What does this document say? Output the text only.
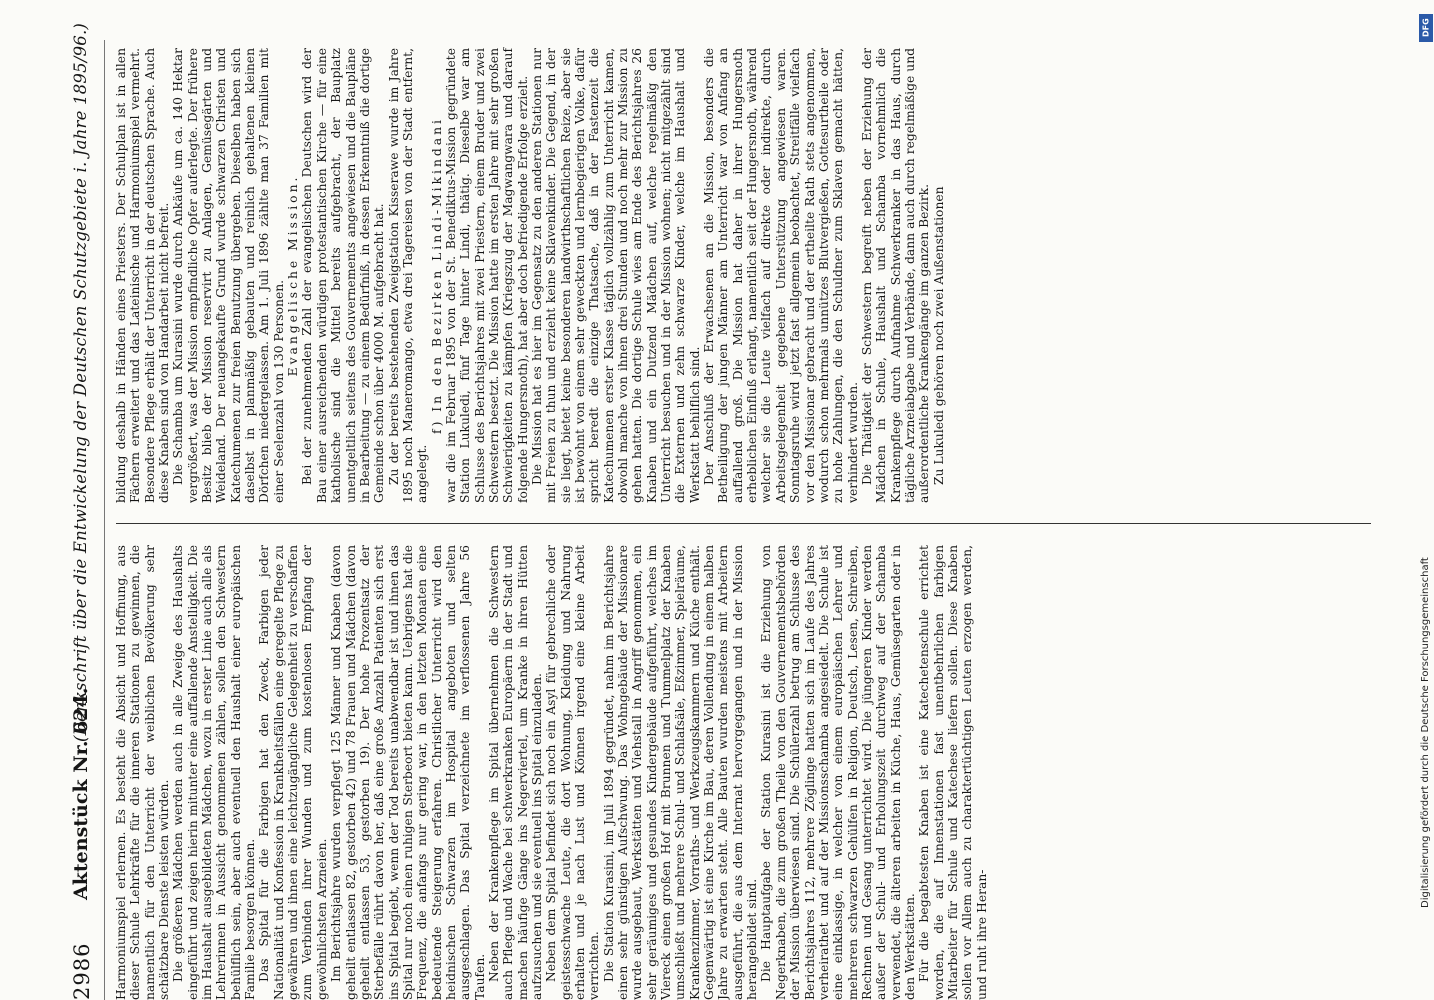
2986
Aktenstück Nr. 624.
(Denkschrift über die Entwickelung der Deutschen Schutzgebiete i. Jahre 1895/96.)

Harmoniumspiel erlernen. Es besteht die Absicht und Hoffnung, aus dieser Schule Lehrkräfte für die inneren Stationen zu gewinnen, die namentlich für den Unterricht der weiblichen Bevölkerung sehr schätzbare Dienste leisten würden. Die größeren Mädchen werden auch in alle Zweige des Haushalts eingeführt und zeigen hierin mitunter eine auffallende Anstelligkeit. Die im Haushalt ausgebildeten Mädchen, wozu in erster Linie auch alle als Lehrerinnen in Aussicht genommenen zählen, sollen den Schwestern behülflich sein, aber auch eventuell den Haushalt einer europäischen Familie besorgen können. Das Spital für die Farbigen hat den Zweck, Farbigen jeder Nationalität und Konfession in Krankheitsfällen eine geregelte Pflege zu gewähren und ihnen eine leichtzugängliche Gelegenheit zu verschaffen zum Verbinden ihrer Wunden und zum kostenlosen Empfang der gewöhnlichsten Arzneien. Im Berichtsjahre wurden verpflegt 125 Männer und Knaben (davon geheilt entlassen 82, gestorben 42) und 78 Frauen und Mädchen (davon geheilt entlassen 53, gestorben 19). Der hohe Prozentsatz der Sterbefälle rührt davon her, daß eine große Anzahl Patienten sich erst ins Spital begiebt, wenn der Tod bereits unabwendbar ist und ihnen das Spital nur noch einen ruhigen Sterbeort bieten kann. Uebrigens hat die Frequenz, die anfangs nur gering war, in den letzten Monaten eine bedeutende Steigerung erfahren. Christlicher Unterricht wird den heidnischen Schwarzen im Hospital angeboten und selten ausgeschlagen. Das Spital verzeichnete im verflossenen Jahre 56 Taufen. Neben der Krankenpflege im Spital übernehmen die Schwestern auch Pflege und Wache bei schwerkranken Europäern in der Stadt und machen häufige Gänge ins Negerviertel, um Kranke in ihren Hütten aufzusuchen und sie eventuell ins Spital einzuladen. Neben dem Spital befindet sich noch ein Asyl für gebrechliche oder geistesschwache Leute, die dort Wohnung, Kleidung und Nahrung erhalten und je nach Lust und Können irgend eine kleine Arbeit verrichten. Die Station Kurasini, im Juli 1894 gegründet, nahm im Berichtsjahre einen sehr günstigen Aufschwung. Das Wohngebäude der Missionare wurde ausgebaut, Werkstätten und Viehstall in Angriff genommen, ein sehr geräumiges und gesundes Kindergebäude aufgeführt, welches im Viereck einen großen Hof mit Brunnen und Tummelplatz der Knaben umschließt und mehrere Schul- und Schlafsäle, Eßzimmer, Spielräume, Krankenzimmer, Vorraths- und Werkzeugskammern und Küche enthält. Gegenwärtig ist eine Kirche im Bau, deren Vollendung in einem halben Jahre zu erwarten steht. Alle Bauten wurden meistens mit Arbeitern ausgeführt, die aus dem Internat hervorgegangen und in der Mission herangebildet sind. Die Hauptaufgabe der Station Kurasini ist die Erziehung von Negerknaben, die zum großen Theile von den Gouvernementsbehörden der Mission überwiesen sind. Die Schülerzahl betrug am Schlusse des Berichtsjahres 112, mehrere Zöglinge hatten sich im Laufe des Jahres verheirathet und auf der Missionsschamba angesiedelt. Die Schule ist eine einklassige, in welcher von einem europäischen Lehrer und mehreren schwarzen Gehülfen in Religion, Deutsch, Lesen, Schreiben, Rechnen und Gesang unterrichtet wird. Die jüngeren Kinder werden außer der Schul- und Erholungszeit durchweg auf der Schamba verwendet, die älteren arbeiten in Küche, Haus, Gemüsegarten oder in den Werkstätten. Für die begabtesten Knaben ist eine Katechetenschule errichtet worden, die auf Innenstationen fast unentbehrlichen farbigen Mitarbeiter für Schule und Katechese liefern sollen. Diese Knaben sollen vor Allem auch zu charaktertüchtigen Leuten erzogen werden, und ruht ihre Heran-

bildung deshalb in Händen eines Priesters. Der Schulplan ist in allen Fächern erweitert und das Lateinische und Harmoniumspiel vermehrt. Besondere Pflege erhält der Unterricht in der deutschen Sprache. Auch diese Knaben sind von Handarbeit nicht befreit. Die Schamba um Kurasini wurde durch Ankäufe um ca. 140 Hektar vergrößert, was der Mission empfindliche Opfer auferlegte. Der frühere Besitz blieb der Mission reservirt zu Anlagen, Gemüsegärten und Weideland. Der neuangekaufte Grund wurde schwarzen Christen und Katechumenen zur freien Benutzung übergeben. Dieselben haben sich daselbst in planmäßig gebauten und reinlich gehaltenen kleinen Dörfchen niedergelassen. Am 1. Juli 1896 zählte man 37 Familien mit einer Seelenzahl von 130 Personen.

Evangelische Mission. Bei der zunehmenden Zahl der evangelischen Deutschen wird der Bau einer ausreichenden würdigen protestantischen Kirche — für eine katholische sind die Mittel bereits aufgebracht, der Bauplatz unentgeltlich seitens des Gouvernements angewiesen und die Baupläne in Bearbeitung — zu einem Bedürfniß, in dessen Erkenntniß die dortige Gemeinde schon über 4000 M. aufgebracht hat. Zu der bereits bestehenden Zweigstation Kisserawe wurde im Jahre 1895 noch Maneromango, etwa drei Tagereisen von der Stadt entfernt, angelegt.

f) In den Bezirken Lindi-Mikindani war die im Februar 1895 von der St. Benediktus-Mission gegründete Station Lukuledi, fünf Tage hinter Lindi, thätig. Dieselbe war am Schlusse des Berichtsjahres mit zwei Priestern, einem Bruder und zwei Schwestern besetzt. Die Mission hatte im ersten Jahre mit sehr großen Schwierigkeiten zu kämpfen (Kriegszug der Magwangwara und darauf folgende Hungersnoth), hat aber doch befriedigende Erfolge erzielt. Die Mission hat es hier im Gegensatz zu den anderen Stationen nur mit Freien zu thun und erzieht keine Sklavenkinder. Die Gegend, in der sie liegt, bietet keine besonderen landwirthschaftlichen Reize, aber sie ist bewohnt von einem sehr geweckten und lernbegierigen Volke, dafür spricht beredt die einzige Thatsache, daß in der Fastenzeit die Katechumenen erster Klasse täglich vollzählig zum Unterricht kamen, obwohl manche von ihnen drei Stunden und noch mehr zur Mission zu gehen hatten. Die dortige Schule wies am Ende des Berichtsjahres 26 Knaben und ein Dutzend Mädchen auf, welche regelmäßig den Unterricht besuchen und in der Mission wohnen; nicht mitgezählt sind die Externen und zehn schwarze Kinder, welche im Haushalt und Werkstatt behilflich sind. Der Anschluß der Erwachsenen an die Mission, besonders die Betheiligung der jungen Männer am Unterricht war von Anfang an auffallend groß. Die Mission hat daher in ihrer Hungersnoth erheblichen Einfluß erlangt, namentlich seit der Hungersnoth, während welcher sie die Leute vielfach auf direkte oder indirekte, durch Arbeitsgelegenheit gegebene Unterstützung angewiesen waren. Sonntagsruhe wird jetzt fast allgemein beobachtet, Streitfälle vielfach vor den Missionar gebracht und der ertheilte Rath stets angenommen, wodurch schon mehrmals unnützes Blutvergießen, Gottesurtheile oder zu hohe Zahlungen, die den Schuldner zum Sklaven gemacht hätten, verhindert wurden. Die Thätigkeit der Schwestern begreift neben der Erziehung der Mädchen in Schule, Haushalt und Schamba vornehmlich die Krankenpflege durch Aufnahme Schwerkranker in das Haus, durch tägliche Arzneiabgabe und Verbände, dann auch durch regelmäßige und außerordentliche Krankengänge im ganzen Bezirk. Zu Lukuledi gehören noch zwei Außenstationen

DFG
Digitalisierung gefördert durch die Deutsche Forschungsgemeinschaft
